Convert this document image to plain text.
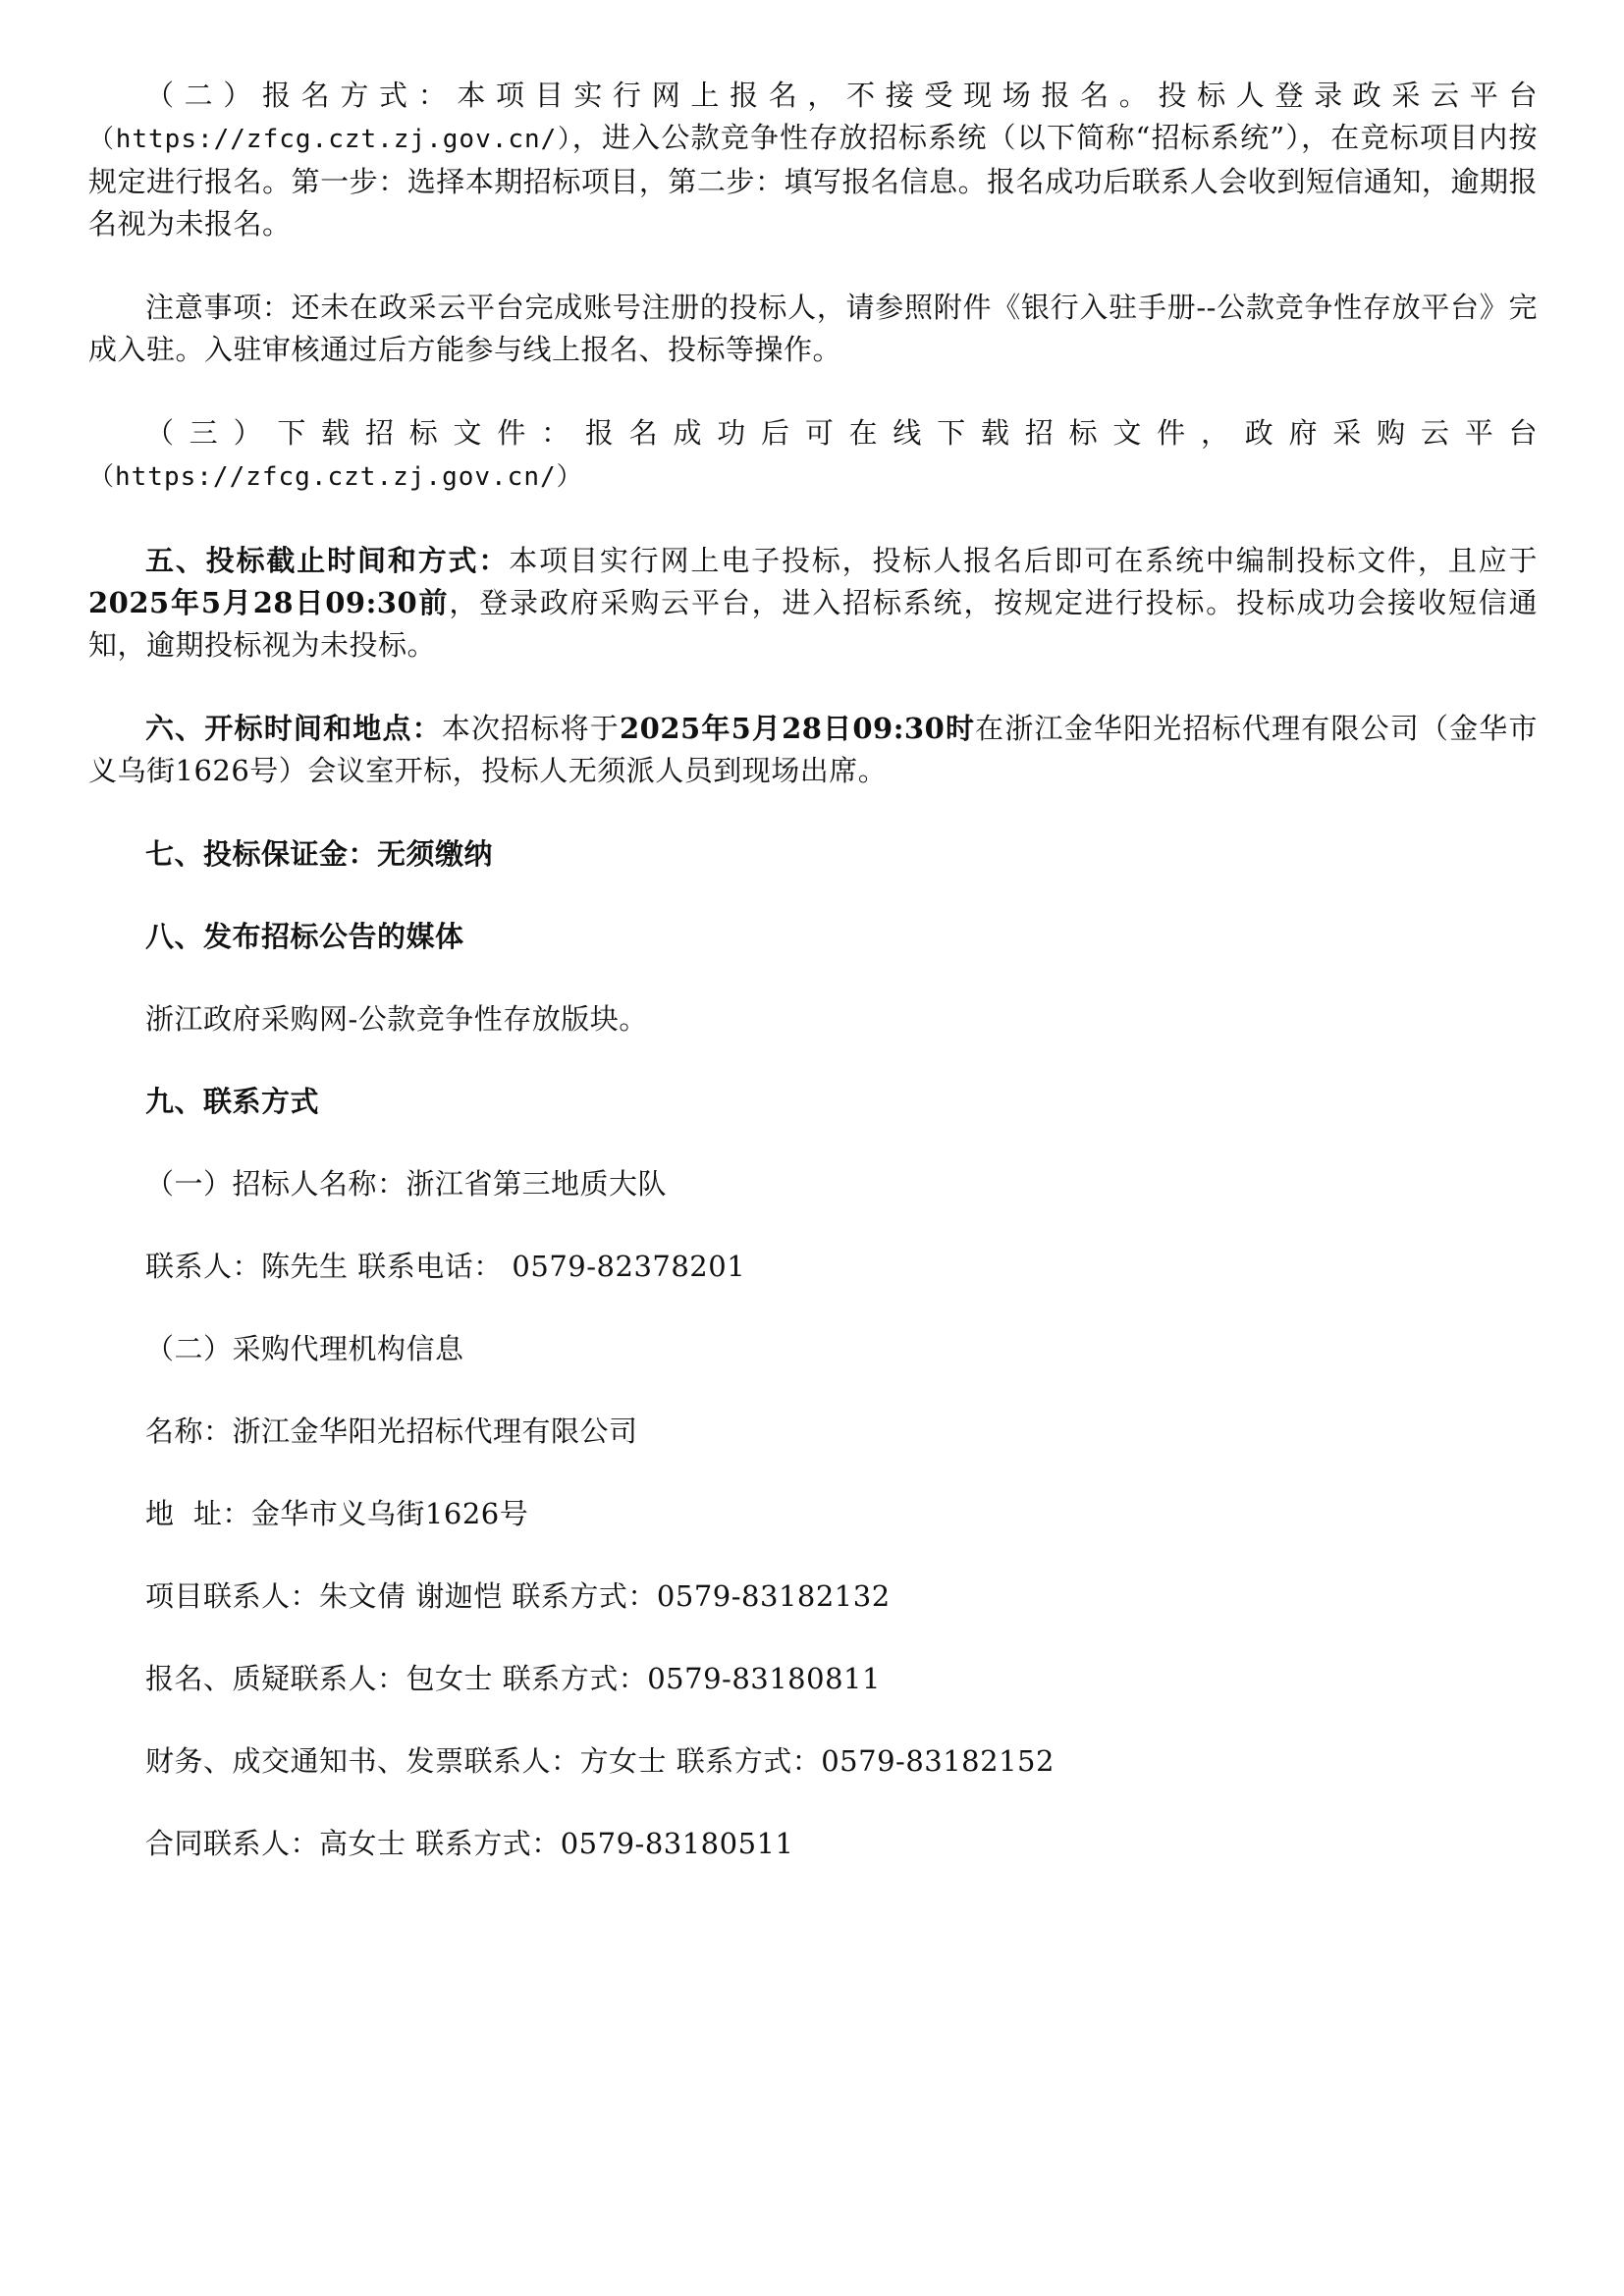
（二）报名方式：本项目实行网上报名，不接受现场报名。投标人登录政采云平台（https://zfcg.czt.zj.gov.cn/），进入公款竞争性存放招标系统（以下简称“招标系统”），在竞标项目内按规定进行报名。第一步：选择本期招标项目，第二步：填写报名信息。报名成功后联系人会收到短信通知，逾期报名视为未报名。

注意事项：还未在政采云平台完成账号注册的投标人，请参照附件《银行入驻手册--公款竞争性存放平台》完成入驻。入驻审核通过后方能参与线上报名、投标等操作。

（三）下载招标文件：报名成功后可在线下载招标文件，政府采购云平台（https://zfcg.czt.zj.gov.cn/）

五、投标截止时间和方式：本项目实行网上电子投标，投标人报名后即可在系统中编制投标文件，且应于2025年5月28日09:30前，登录政府采购云平台，进入招标系统，按规定进行投标。投标成功会接收短信通知，逾期投标视为未投标。

六、开标时间和地点：本次招标将于2025年5月28日09:30时在浙江金华阳光招标代理有限公司（金华市义乌街1626号）会议室开标，投标人无须派人员到现场出席。

七、投标保证金：无须缴纳
八、发布招标公告的媒体
浙江政府采购网-公款竞争性存放版块。
九、联系方式
（一）招标人名称：浙江省第三地质大队
联系人：陈先生 联系电话： 0579-82378201
（二）采购代理机构信息
名称：浙江金华阳光招标代理有限公司
地  址：金华市义乌街1626号
项目联系人：朱文倩 谢迦恺 联系方式：0579-83182132
报名、质疑联系人：包女士 联系方式：0579-83180811
财务、成交通知书、发票联系人：方女士 联系方式：0579-83182152
合同联系人：高女士 联系方式：0579-83180511
